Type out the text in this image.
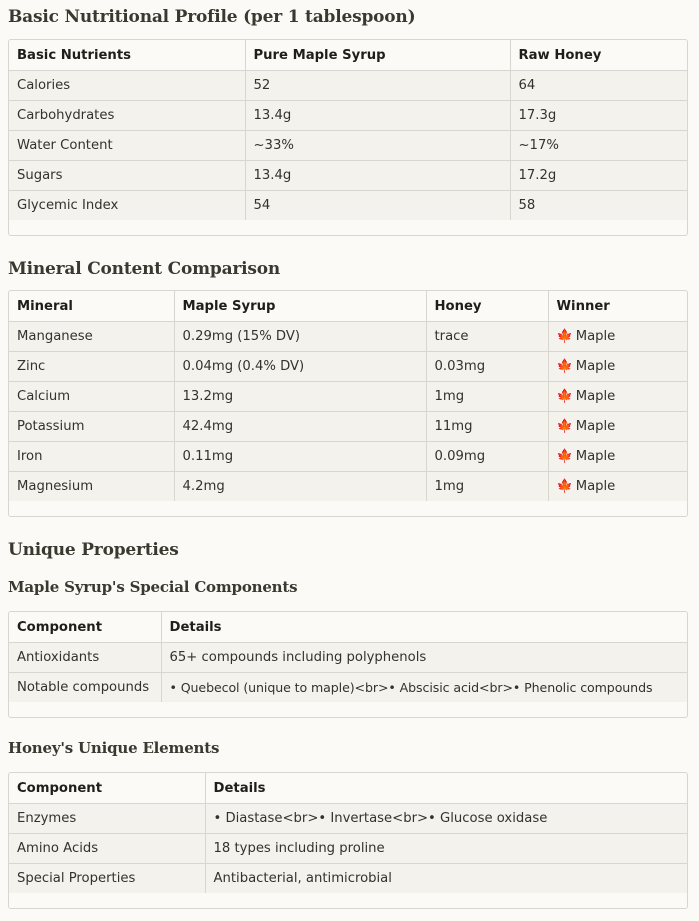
Basic Nutritional Profile (per 1 tablespoon)
Basic Nutrients	Pure Maple Syrup	Raw Honey
Calories	52	64
Carbohydrates	13.4g	17.3g
Water Content	~33%	~17%
Sugars	13.4g	17.2g
Glycemic Index	54	58
Mineral Content Comparison
Mineral	Maple Syrup	Honey	Winner
Manganese	0.29mg (15% DV)	trace	🍁 Maple
Zinc	0.04mg (0.4% DV)	0.03mg	🍁 Maple
Calcium	13.2mg	1mg	🍁 Maple
Potassium	42.4mg	11mg	🍁 Maple
Iron	0.11mg	0.09mg	🍁 Maple
Magnesium	4.2mg	1mg	🍁 Maple
Unique Properties
Maple Syrup's Special Components
Component	Details
Antioxidants	65+ compounds including polyphenols
Notable compounds	• Quebecol (unique to maple)<br>• Abscisic acid<br>• Phenolic compounds
Honey's Unique Elements
Component	Details
Enzymes	• Diastase<br>• Invertase<br>• Glucose oxidase
Amino Acids	18 types including proline
Special Properties	Antibacterial, antimicrobial
